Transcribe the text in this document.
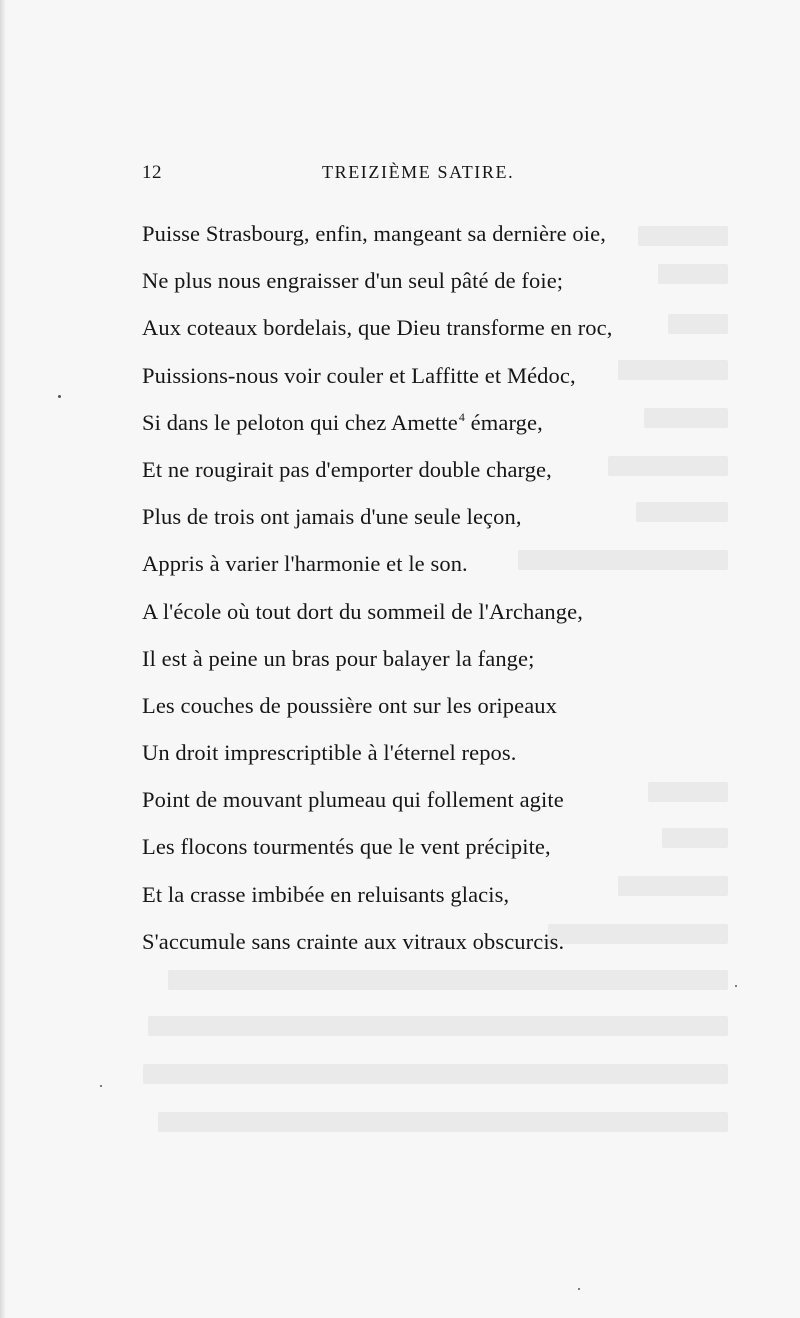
12	TREIZIÈME SATIRE.
Puisse Strasbourg, enfin, mangeant sa dernière oie,
Ne plus nous engraisser d'un seul pâté de foie;
Aux coteaux bordelais, que Dieu transforme en roc,
Puissions-nous voir couler et Laffitte et Médoc,
Si dans le peloton qui chez Amette$^4$ émarge,
Et ne rougirait pas d'emporter double charge,
Plus de trois ont jamais d'une seule leçon,
Appris à varier l'harmonie et le son.
A l'école où tout dort du sommeil de l'Archange,
Il est à peine un bras pour balayer la fange;
Les couches de poussière ont sur les oripeaux
Un droit imprescriptible à l'éternel repos.
Point de mouvant plumeau qui follement agite
Les flocons tourmentés que le vent précipite,
Et la crasse imbibée en reluisants glacis,
S'accumule sans crainte aux vitraux obscurcis.
